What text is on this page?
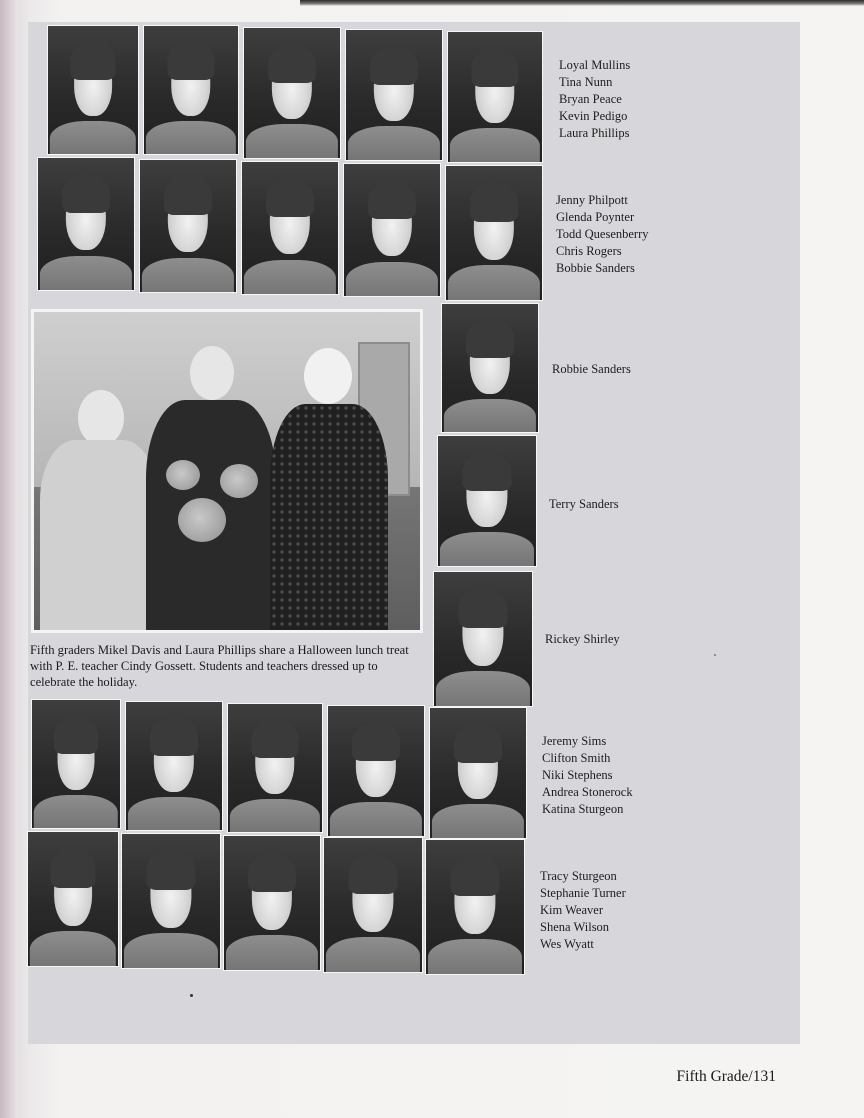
Loyal Mullins
Tina Nunn
Bryan Peace
Kevin Pedigo
Laura Phillips
Jenny Philpott
Glenda Poynter
Todd Quesenberry
Chris Rogers
Bobbie Sanders
Fifth graders Mikel Davis and Laura Phillips share a Halloween lunch treat with P. E. teacher Cindy Gossett. Students and teachers dressed up to celebrate the holiday.
Robbie Sanders
Terry Sanders
Rickey Shirley
Jeremy Sims
Clifton Smith
Niki Stephens
Andrea Stonerock
Katina Sturgeon
Tracy Sturgeon
Stephanie Turner
Kim Weaver
Shena Wilson
Wes Wyatt
Fifth Grade/131
